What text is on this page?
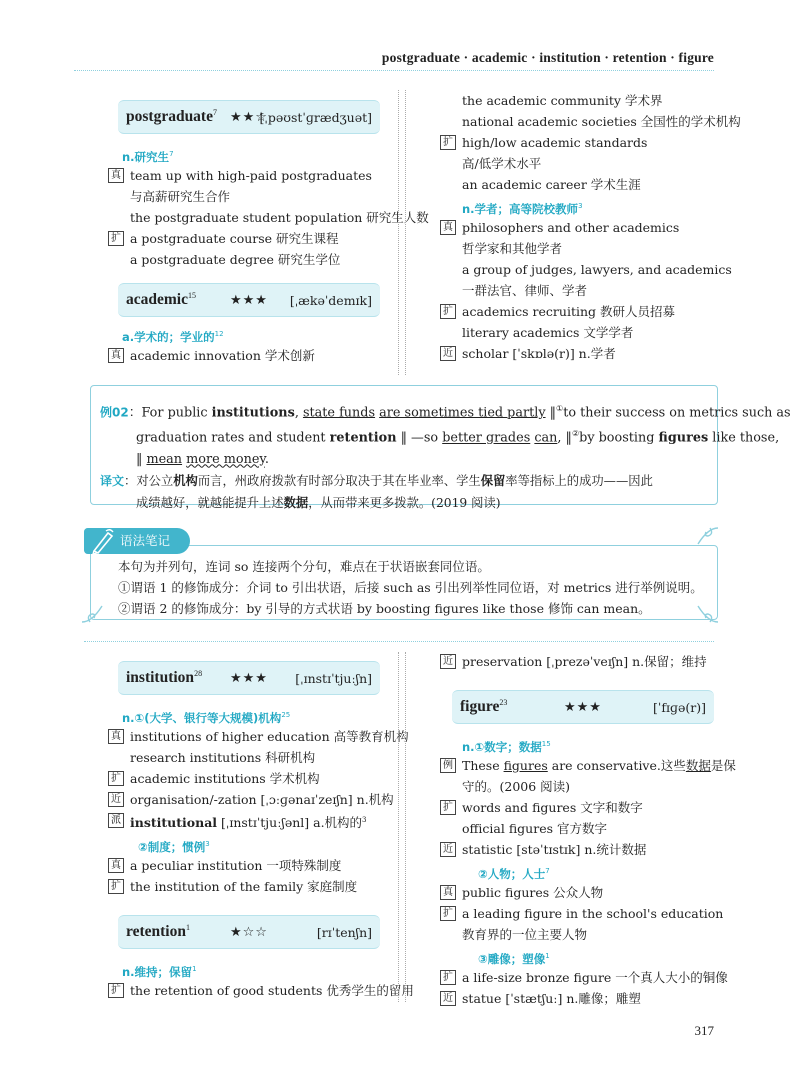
postgraduate · academic · institution · retention · figure
postgraduate$^7$ ★★☆
[ˌpəʊstˈɡrædʒuət]
n.研究生$^7$
真 team up with high-paid postgraduates
与高薪研究生合作
the postgraduate student population 研究生人数
扩 a postgraduate course 研究生课程
a postgraduate degree 研究生学位
academic$^{15}$	★★★ [ˌækəˈdemɪk]
a.学术的；学业的$^{12}$
真 academic innovation 学术创新
the academic community 学术界
national academic societies 全国性的学术机构
扩 high/low academic standards
高/低学术水平
an academic career 学术生涯
n.学者；高等院校教师$^3$
真 philosophers and other academics
哲学家和其他学者
a group of judges, lawyers, and academics
一群法官、律师、学者
扩 academics recruiting 教研人员招募
literary academics 文学学者
近 scholar [ˈskɒlə(r)] n.学者
例02：For public institutions, state funds are sometimes tied partly ‖①to their success on metrics such as
graduation rates and student retention ‖ —so better grades can, ‖②by boosting figures like those,
‖ mean more money.
译文：对公立机构而言，州政府拨款有时部分取决于其在毕业率、学生保留率等指标上的成功——因此
成绩越好，就越能提升上述数据，从而带来更多拨款。(2019 阅读)
语法笔记
本句为并列句，连词 so 连接两个分句，难点在于状语嵌套同位语。
①谓语 1 的修饰成分：介词 to 引出状语，后接 such as 引出列举性同位语，对 metrics 进行举例说明。
②谓语 2 的修饰成分：by 引导的方式状语 by boosting figures like those 修饰 can mean。
institution$^{28}$ ★★★ [ˌɪnstɪˈtjuːʃn]
n.①(大学、银行等大规模)机构$^{25}$
真 institutions of higher education 高等教育机构
research institutions 科研机构
扩 academic institutions 学术机构
近 organisation/-zation [ˌɔːɡənaɪˈzeɪʃn] n.机构
派 institutional [ˌɪnstɪˈtjuːʃənl] a.机构的$^3$
②制度；惯例$^3$
真 a peculiar institution 一项特殊制度
扩 the institution of the family 家庭制度
retention$^1$	★☆☆	[rɪˈtenʃn]
n.维持；保留$^1$
扩 the retention of good students 优秀学生的留用
近 preservation [ˌprezəˈveɪʃn] n.保留；维持
figure$^{23}$	★★★	[ˈfɪɡə(r)]
n.①数字；数据$^{15}$
例 These figures are conservative.这些数据是保
守的。(2006 阅读)
扩 words and figures 文字和数字
official figures 官方数字
近 statistic [stəˈtɪstɪk] n.统计数据
②人物；人士$^7$
真 public figures 公众人物
扩 a leading figure in the school's education
教育界的一位主要人物
③雕像；塑像$^1$
扩 a life-size bronze figure 一个真人大小的铜像
近 statue [ˈstætʃuː] n.雕像；雕塑
317
